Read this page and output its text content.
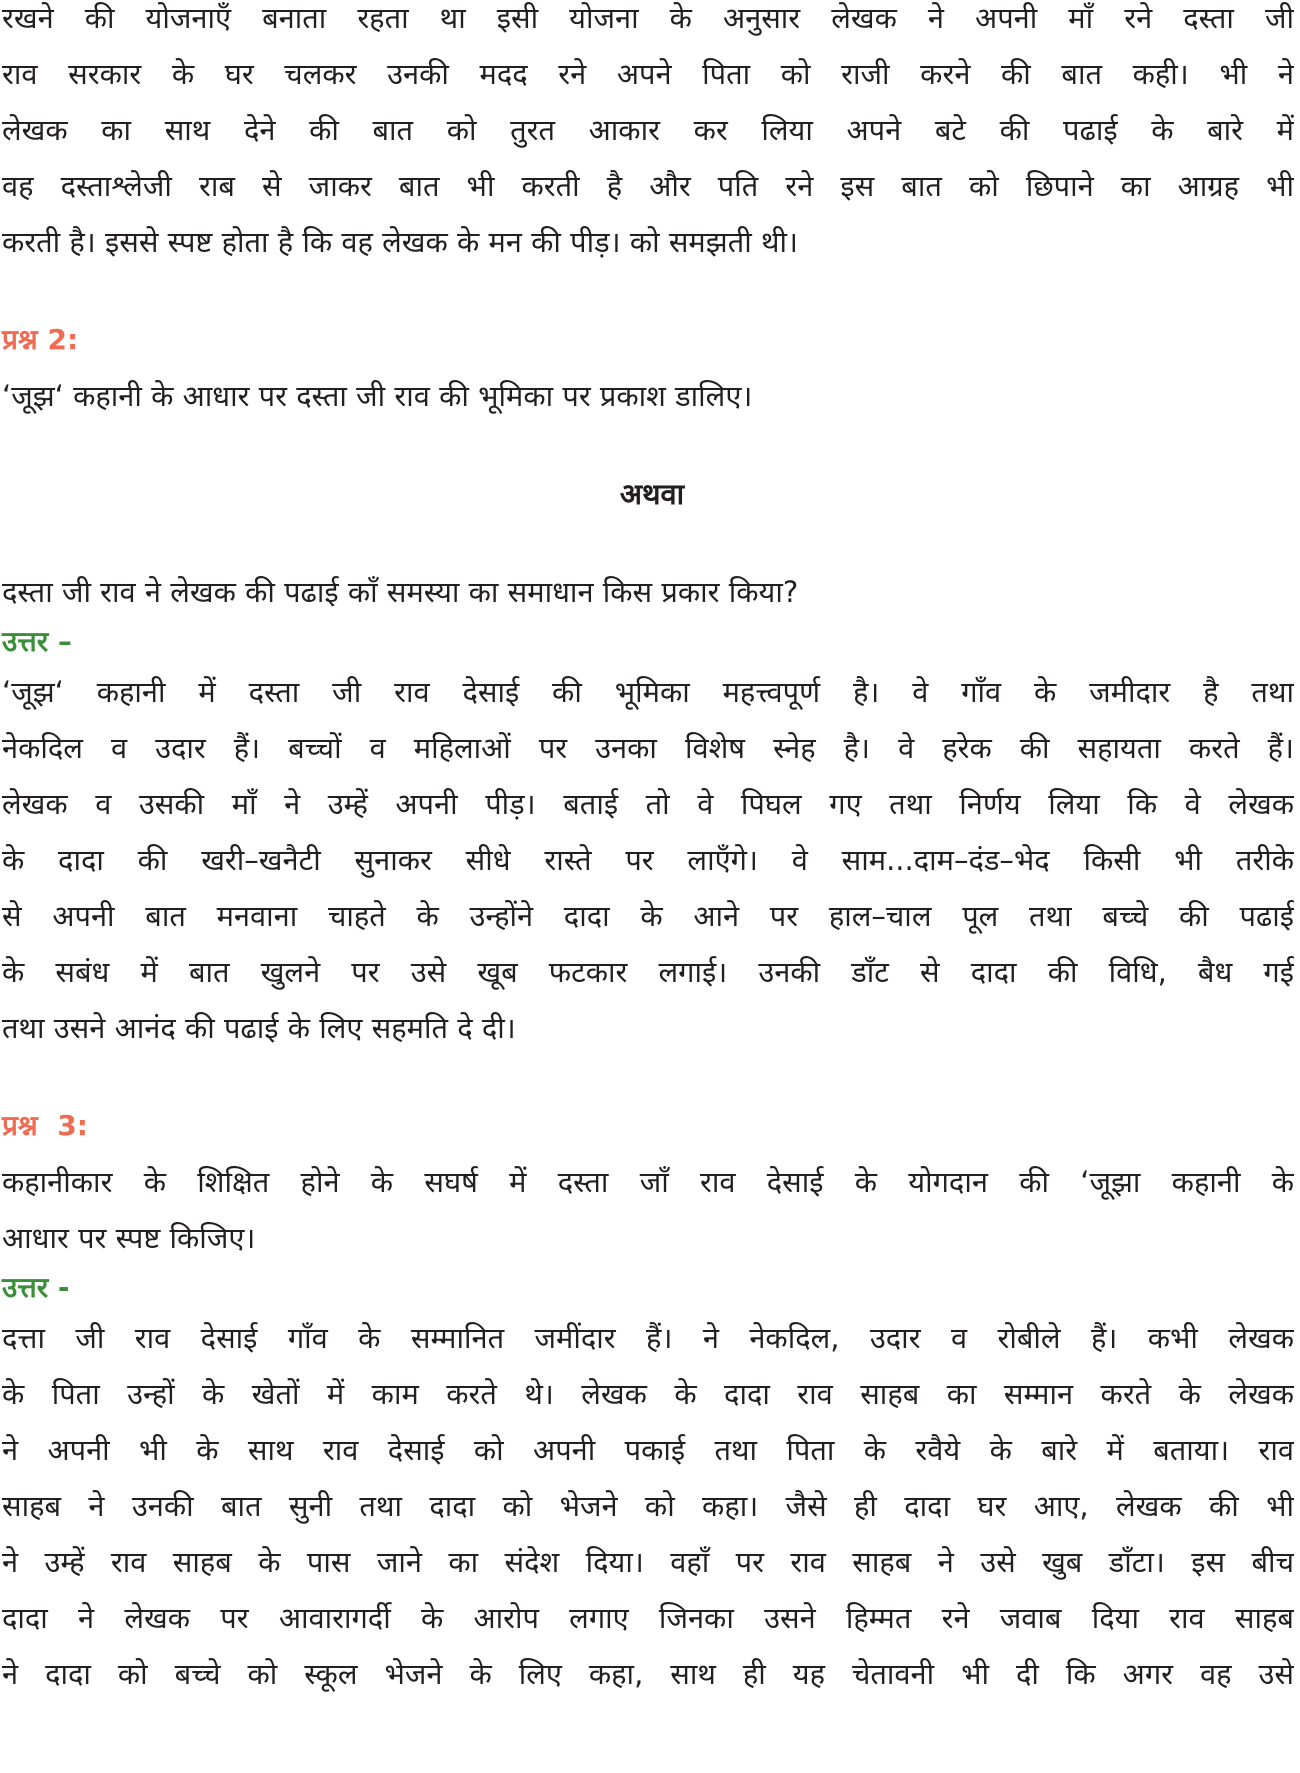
रखने की योजनाएँ बनाता रहता था इसी योजना के अनुसार लेखक ने अपनी माँ रने दस्ता जी
राव सरकार के घर चलकर उनकी मदद रने अपने पिता को राजी करने की बात कही। भी ने
लेखक का साथ देने की बात को तुरत आकार कर लिया अपने बटे की पढाई के बारे में
वह दस्ताश्लेजी राब से जाकर बात भी करती है और पति रने इस बात को छिपाने का आग्रह भी
करती है। इससे स्पष्ट होता है कि वह लेखक के मन की पीड़। को समझती थी।
प्रश्न 2:
‘जूझ‘ कहानी के आधार पर दस्ता जी राव की भूमिका पर प्रकाश डालिए।
अथवा
दस्ता जी राव ने लेखक की पढाई काँ समस्या का समाधान किस प्रकार किया?
उत्तर –
‘जूझ‘ कहानी में दस्ता जी राव देसाई की भूमिका महत्त्वपूर्ण है। वे गाँव के जमीदार है तथा
नेकदिल व उदार हैं। बच्चों व महिलाओं पर उनका विशेष स्नेह है। वे हरेक की सहायता करते हैं।
लेखक व उसकी माँ ने उम्हें अपनी पीड़। बताई तो वे पिघल गए तथा निर्णय लिया कि वे लेखक
के दादा की खरी–खनैटी सुनाकर सीधे रास्ते पर लाएँगे। वे साम...दाम–दंड–भेद किसी भी तरीके
से अपनी बात मनवाना चाहते के उन्होंने दादा के आने पर हाल–चाल पूल तथा बच्चे की पढाई
के सबंध में बात खुलने पर उसे खूब फटकार लगाई। उनकी डाँट से दादा की विधि, बैध गई
तथा उसने आनंद की पढाई के लिए सहमति दे दी।
प्रश्न  3:
कहानीकार के शिक्षित होने के सघर्ष में दस्ता जाँ राव देसाई के योगदान की ‘जूझा कहानी के
आधार पर स्पष्ट किजिए।
उत्तर -
दत्ता जी राव देसाई गाँव के सम्मानित जमींदार हैं। ने नेकदिल, उदार व रोबीले हैं। कभी लेखक
के पिता उन्हों के खेतों में काम करते थे। लेखक के दादा राव साहब का सम्मान करते के लेखक
ने अपनी भी के साथ राव देसाई को अपनी पकाई तथा पिता के रवैये के बारे में बताया। राव
साहब ने उनकी बात सुनी तथा दादा को भेजने को कहा। जैसे ही दादा घर आए, लेखक की भी
ने उम्हें राव साहब के पास जाने का संदेश दिया। वहाँ पर राव साहब ने उसे खुब डाँटा। इस बीच
दादा ने लेखक पर आवारागर्दी के आरोप लगाए जिनका उसने हिम्मत रने जवाब दिया राव साहब
ने दादा को बच्चे को स्कूल भेजने के लिए कहा, साथ ही यह चेतावनी भी दी कि अगर वह उसे
